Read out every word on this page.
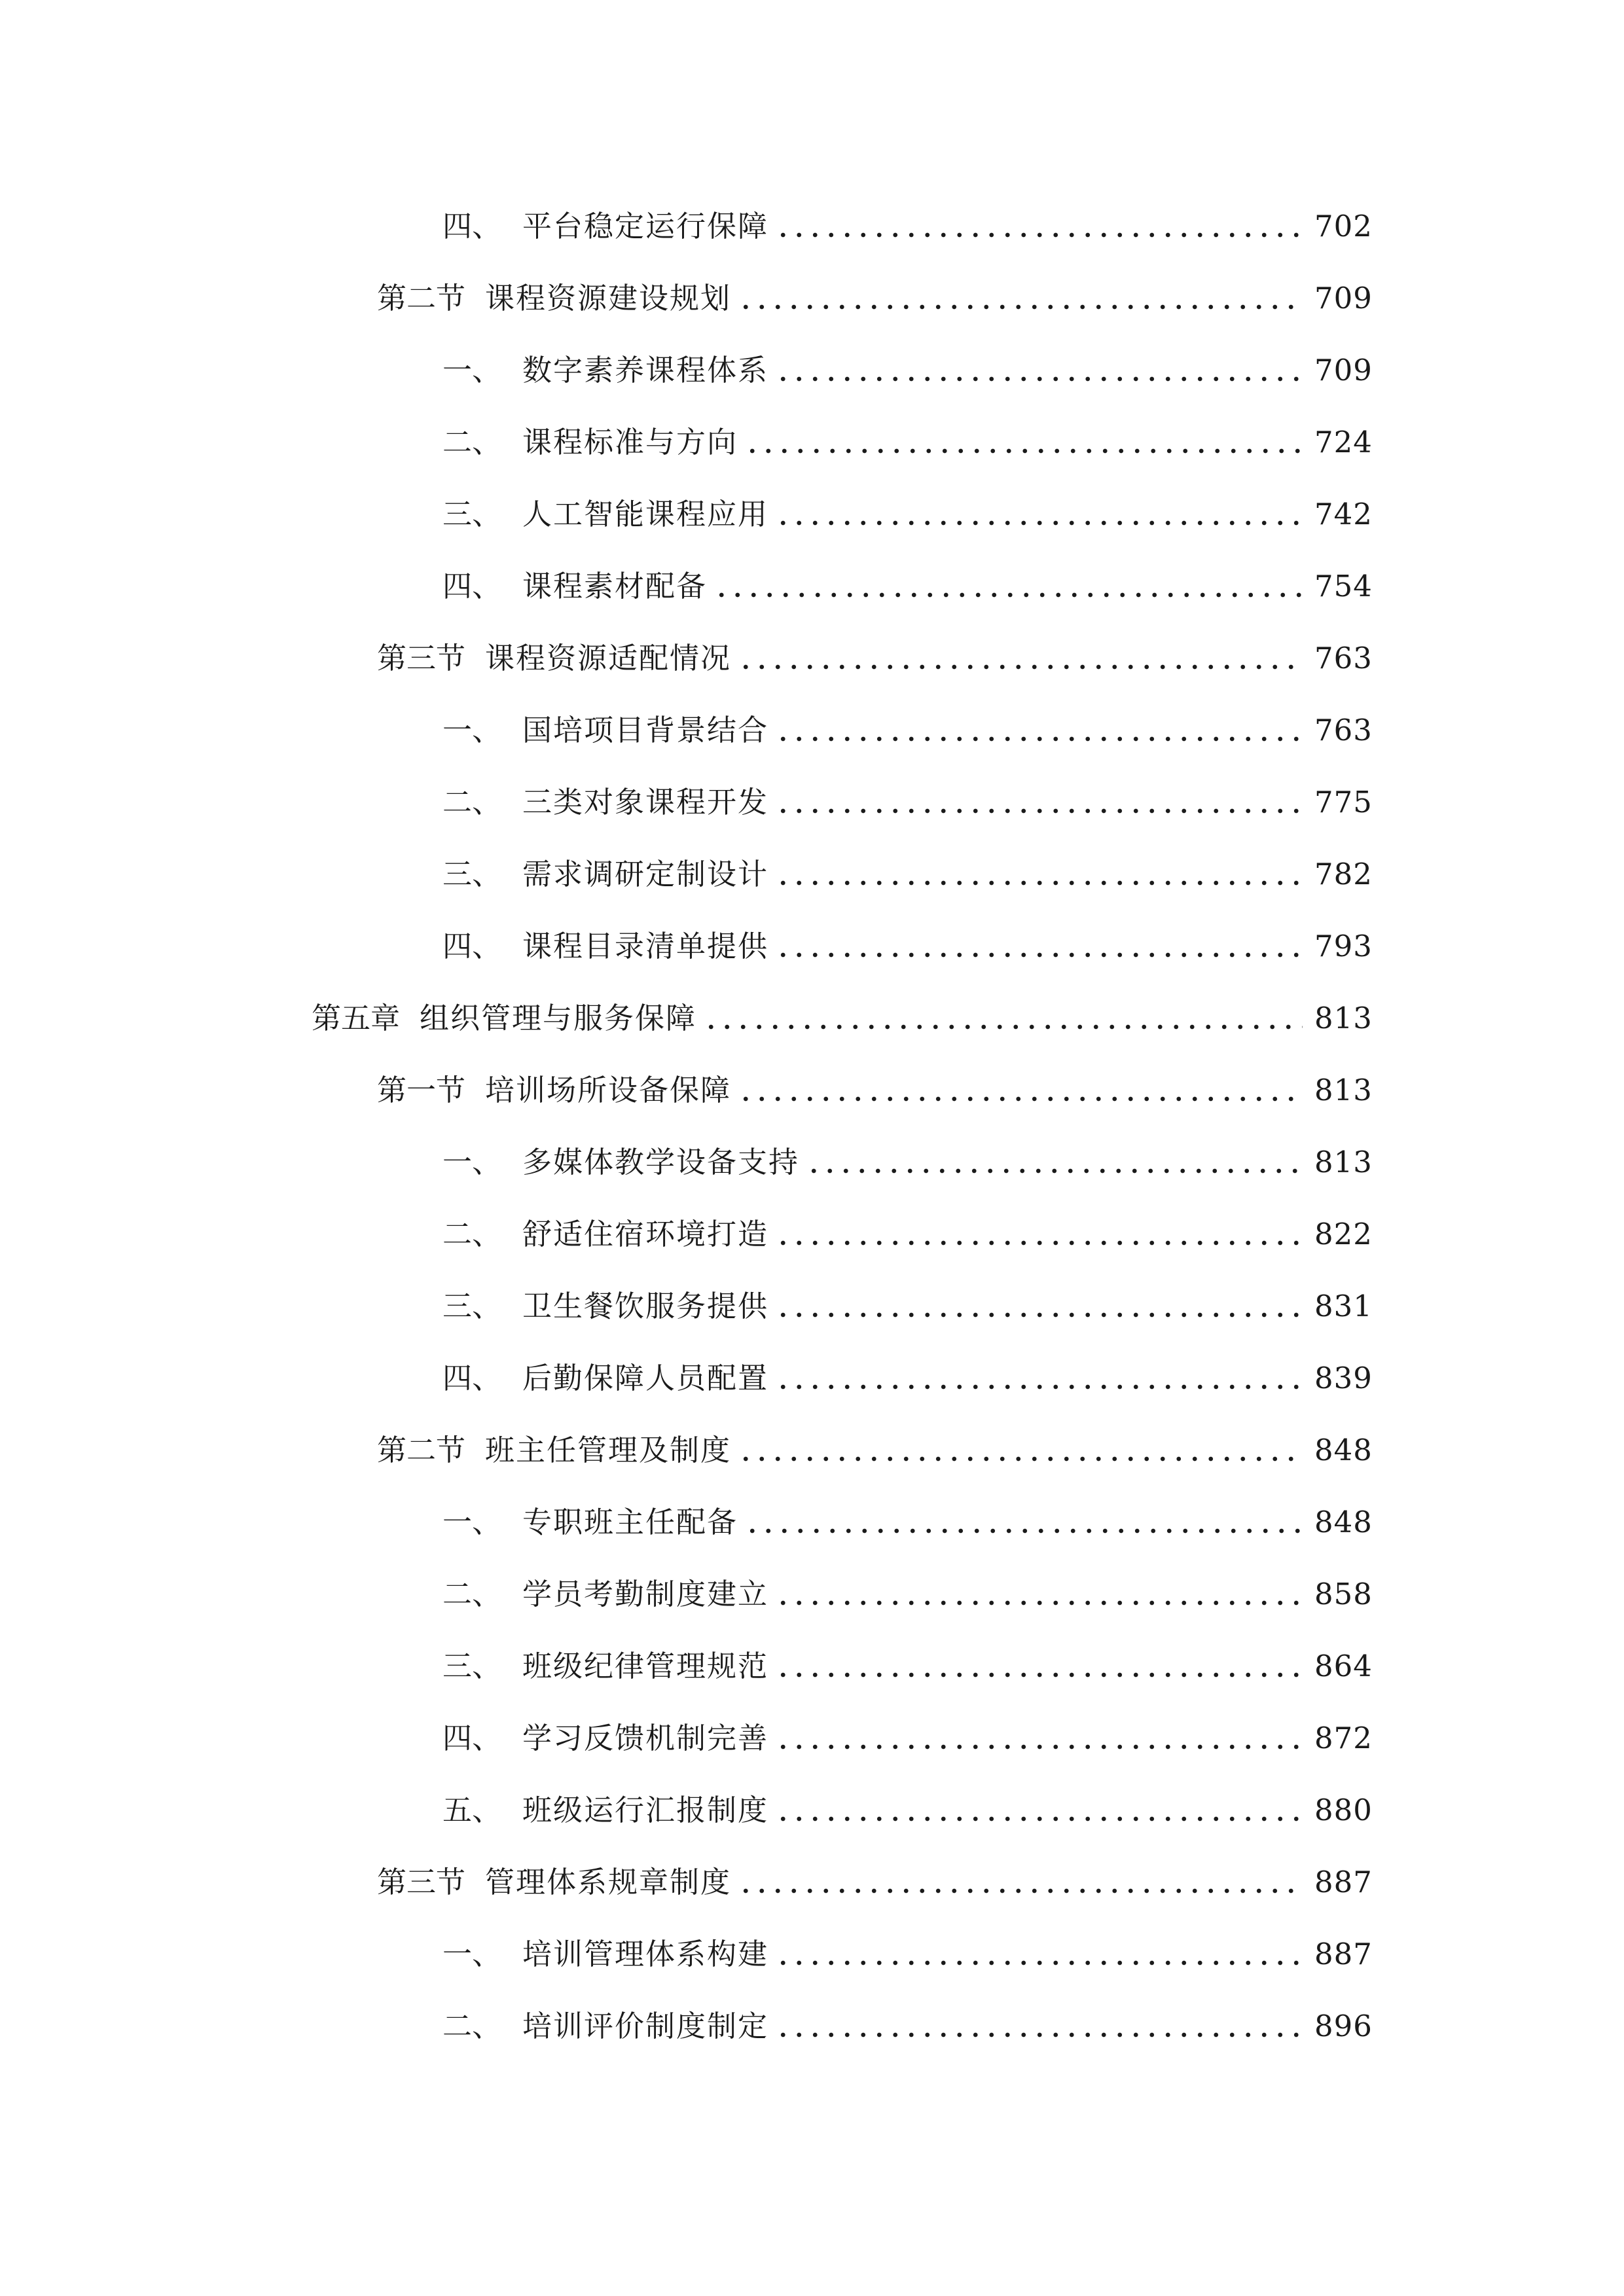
四、 平台稳定运行保障	702
第二节 课程资源建设规划	709
一、 数字素养课程体系	709
二、 课程标准与方向	724
三、 人工智能课程应用	742
四、 课程素材配备	754
第三节 课程资源适配情况	763
一、 国培项目背景结合	763
二、 三类对象课程开发	775
三、 需求调研定制设计	782
四、 课程目录清单提供	793
第五章 组织管理与服务保障	813
第一节 培训场所设备保障	813
一、 多媒体教学设备支持	813
二、 舒适住宿环境打造	822
三、 卫生餐饮服务提供	831
四、 后勤保障人员配置	839
第二节 班主任管理及制度	848
一、 专职班主任配备	848
二、 学员考勤制度建立	858
三、 班级纪律管理规范	864
四、 学习反馈机制完善	872
五、 班级运行汇报制度	880
第三节 管理体系规章制度	887
一、 培训管理体系构建	887
二、 培训评价制度制定	896
